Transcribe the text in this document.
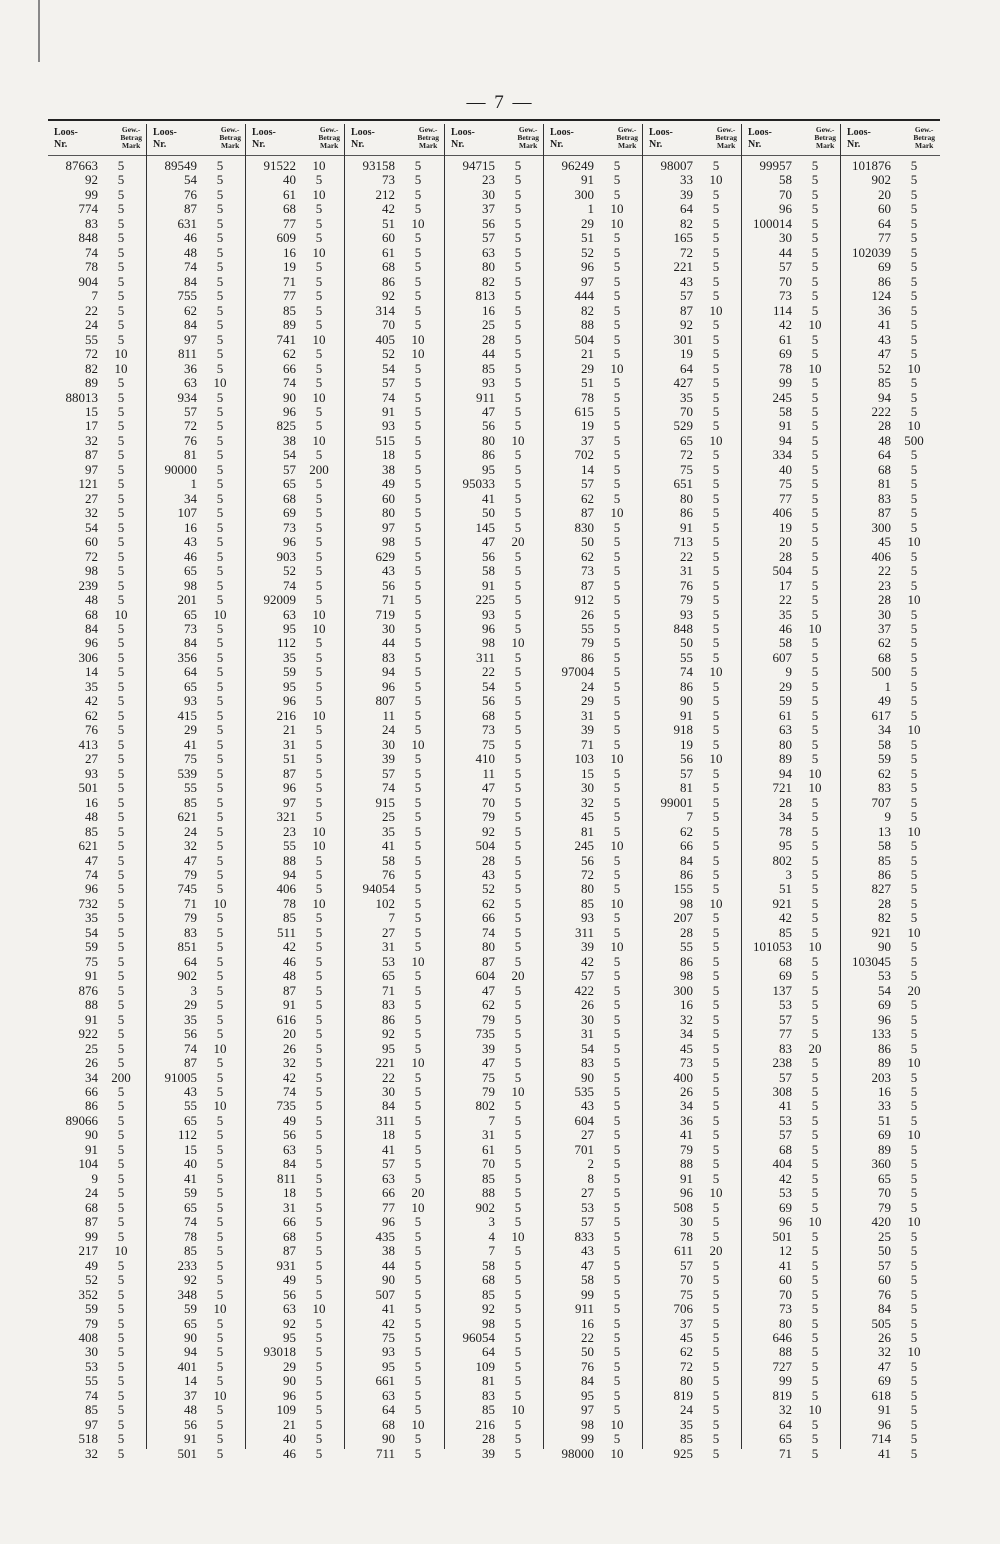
— 7 —
Loos-
Nr.
Gew.-
Betrag
Mark
87663	5
92	5
99	5
774	5
83	5
848	5
74	5
78	5
904	5
7	5
22	5
24	5
55	5
72	10
82	10
89	5
88013	5
15	5
17	5
32	5
87	5
97	5
121	5
27	5
32	5
54	5
60	5
72	5
98	5
239	5
48	5
68	10
84	5
96	5
306	5
14	5
35	5
42	5
62	5
76	5
413	5
27	5
93	5
501	5
16	5
48	5
85	5
621	5
47	5
74	5
96	5
732	5
35	5
54	5
59	5
75	5
91	5
876	5
88	5
91	5
922	5
25	5
26	5
34	200
66	5
86	5
89066	5
90	5
91	5
104	5
9	5
24	5
68	5
87	5
99	5
217	10
49	5
52	5
352	5
59	5
79	5
408	5
30	5
53	5
55	5
74	5
85	5
97	5
518	5
32	5
Loos-
Nr.
Gew.-
Betrag
Mark
89549	5
54	5
76	5
87	5
631	5
46	5
48	5
74	5
84	5
755	5
62	5
84	5
97	5
811	5
36	5
63	10
934	5
57	5
72	5
76	5
81	5
90000	5
1	5
34	5
107	5
16	5
43	5
46	5
65	5
98	5
201	5
65	10
73	5
84	5
356	5
64	5
65	5
93	5
415	5
29	5
41	5
75	5
539	5
55	5
85	5
621	5
24	5
32	5
47	5
79	5
745	5
71	10
79	5
83	5
851	5
64	5
902	5
3	5
29	5
35	5
56	5
74	10
87	5
91005	5
43	5
55	10
65	5
112	5
15	5
40	5
41	5
59	5
65	5
74	5
78	5
85	5
233	5
92	5
348	5
59	10
65	5
90	5
94	5
401	5
14	5
37	10
48	5
56	5
91	5
501	5
Loos-
Nr.
Gew.-
Betrag
Mark
91522	10
40	5
61	10
68	5
77	5
609	5
16	10
19	5
71	5
77	5
85	5
89	5
741	10
62	5
66	5
74	5
90	10
96	5
825	5
38	10
54	5
57	200
65	5
68	5
69	5
73	5
96	5
903	5
52	5
74	5
92009	5
63	10
95	10
112	5
35	5
59	5
95	5
96	5
216	10
21	5
31	5
51	5
87	5
96	5
97	5
321	5
23	10
55	10
88	5
94	5
406	5
78	10
85	5
511	5
42	5
46	5
48	5
87	5
91	5
616	5
20	5
26	5
32	5
42	5
74	5
735	5
49	5
56	5
63	5
84	5
811	5
18	5
31	5
66	5
68	5
87	5
931	5
49	5
56	5
63	10
92	5
95	5
93018	5
29	5
90	5
96	5
109	5
21	5
40	5
46	5
Loos-
Nr.
Gew.-
Betrag
Mark
93158	5
73	5
212	5
42	5
51	10
60	5
61	5
68	5
86	5
92	5
314	5
70	5
405	10
52	10
54	5
57	5
74	5
91	5
93	5
515	5
18	5
38	5
49	5
60	5
80	5
97	5
98	5
629	5
43	5
56	5
71	5
719	5
30	5
44	5
83	5
94	5
96	5
807	5
11	5
24	5
30	10
39	5
57	5
74	5
915	5
25	5
35	5
41	5
58	5
76	5
94054	5
102	5
7	5
27	5
31	5
53	10
65	5
71	5
83	5
86	5
92	5
95	5
221	10
22	5
30	5
84	5
311	5
18	5
41	5
57	5
63	5
66	20
77	10
96	5
435	5
38	5
44	5
90	5
507	5
41	5
42	5
75	5
93	5
95	5
661	5
63	5
64	5
68	10
90	5
711	5
Loos-
Nr.
Gew.-
Betrag
Mark
94715	5
23	5
30	5
37	5
56	5
57	5
63	5
80	5
82	5
813	5
16	5
25	5
28	5
44	5
85	5
93	5
911	5
47	5
56	5
80	10
86	5
95	5
95033	5
41	5
50	5
145	5
47	20
56	5
58	5
91	5
225	5
93	5
96	5
98	10
311	5
22	5
54	5
56	5
68	5
73	5
75	5
410	5
11	5
47	5
70	5
79	5
92	5
504	5
28	5
43	5
52	5
62	5
66	5
74	5
80	5
87	5
604	20
47	5
62	5
79	5
735	5
39	5
47	5
75	5
79	10
802	5
7	5
31	5
61	5
70	5
85	5
88	5
902	5
3	5
4	10
7	5
58	5
68	5
85	5
92	5
98	5
96054	5
64	5
109	5
81	5
83	5
85	10
216	5
28	5
39	5
Loos-
Nr.
Gew.-
Betrag
Mark
96249	5
91	5
300	5
1	10
29	10
51	5
52	5
96	5
97	5
444	5
82	5
88	5
504	5
21	5
29	10
51	5
78	5
615	5
19	5
37	5
702	5
14	5
57	5
62	5
87	10
830	5
50	5
62	5
73	5
87	5
912	5
26	5
55	5
79	5
86	5
97004	5
24	5
29	5
31	5
39	5
71	5
103	10
15	5
30	5
32	5
45	5
81	5
245	10
56	5
72	5
80	5
85	10
93	5
311	5
39	10
42	5
57	5
422	5
26	5
30	5
31	5
54	5
83	5
90	5
535	5
43	5
604	5
27	5
701	5
2	5
8	5
27	5
53	5
57	5
833	5
43	5
47	5
58	5
99	5
911	5
16	5
22	5
50	5
76	5
84	5
95	5
97	5
98	10
99	5
98000	10
Loos-
Nr.
Gew.-
Betrag
Mark
98007	5
33	10
39	5
64	5
82	5
165	5
72	5
221	5
43	5
57	5
87	10
92	5
301	5
19	5
64	5
427	5
35	5
70	5
529	5
65	10
72	5
75	5
651	5
80	5
86	5
91	5
713	5
22	5
31	5
76	5
79	5
93	5
848	5
50	5
55	5
74	10
86	5
90	5
91	5
918	5
19	5
56	10
57	5
81	5
99001	5
7	5
62	5
66	5
84	5
86	5
155	5
98	10
207	5
28	5
55	5
86	5
98	5
300	5
16	5
32	5
34	5
45	5
73	5
400	5
26	5
34	5
36	5
41	5
79	5
88	5
91	5
96	10
508	5
30	5
78	5
611	20
57	5
70	5
75	5
706	5
37	5
45	5
62	5
72	5
80	5
819	5
24	5
35	5
85	5
925	5
Loos-
Nr.
Gew.-
Betrag
Mark
99957	5
58	5
70	5
96	5
100014	5
30	5
44	5
57	5
70	5
73	5
114	5
42	10
61	5
69	5
78	10
99	5
245	5
58	5
91	5
94	5
334	5
40	5
75	5
77	5
406	5
19	5
20	5
28	5
504	5
17	5
22	5
35	5
46	10
58	5
607	5
9	5
29	5
59	5
61	5
63	5
80	5
89	5
94	10
721	10
28	5
34	5
78	5
95	5
802	5
3	5
51	5
921	5
42	5
85	5
101053	10
68	5
69	5
137	5
53	5
57	5
77	5
83	20
238	5
57	5
308	5
41	5
53	5
57	5
68	5
404	5
42	5
53	5
69	5
96	10
501	5
12	5
41	5
60	5
70	5
73	5
80	5
646	5
88	5
727	5
99	5
819	5
32	10
64	5
65	5
71	5
Loos-
Nr.
Gew.-
Betrag
Mark
101876	5
902	5
20	5
60	5
64	5
77	5
102039	5
69	5
86	5
124	5
36	5
41	5
43	5
47	5
52	10
85	5
94	5
222	5
28	10
48	500
64	5
68	5
81	5
83	5
87	5
300	5
45	10
406	5
22	5
23	5
28	10
30	5
37	5
62	5
68	5
500	5
1	5
49	5
617	5
34	10
58	5
59	5
62	5
83	5
707	5
9	5
13	10
58	5
85	5
86	5
827	5
28	5
82	5
921	10
90	5
103045	5
53	5
54	20
69	5
96	5
133	5
86	5
89	10
203	5
16	5
33	5
51	5
69	10
89	5
360	5
65	5
70	5
79	5
420	10
25	5
50	5
57	5
60	5
76	5
84	5
505	5
26	5
32	10
47	5
69	5
618	5
91	5
96	5
714	5
41	5
